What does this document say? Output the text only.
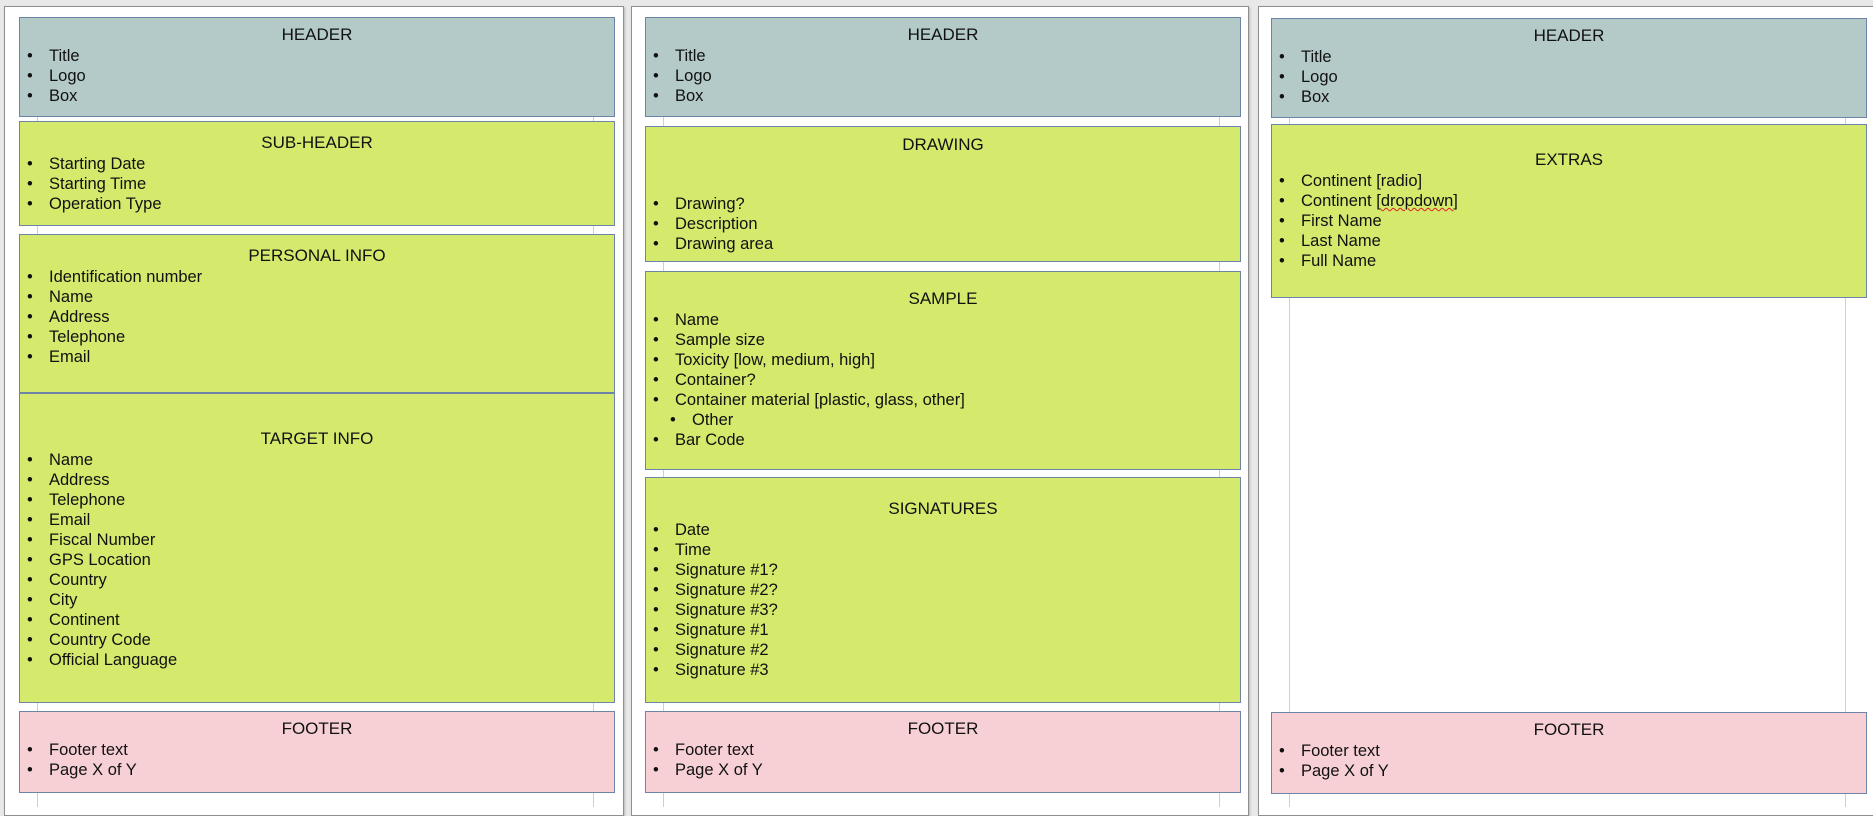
HEADER
• Title
• Logo
• Box
SUB-HEADER
• Starting Date
• Starting Time
• Operation Type
PERSONAL INFO
• Identification number
• Name
• Address
• Telephone
• Email
TARGET INFO
• Name
• Address
• Telephone
• Email
• Fiscal Number
• GPS Location
• Country
• City
• Continent
• Country Code
• Official Language
FOOTER
• Footer text
• Page X of Y
HEADER
• Title
• Logo
• Box
DRAWING
• Drawing?
• Description
• Drawing area
SAMPLE
• Name
• Sample size
• Toxicity [low, medium, high]
• Container?
• Container material [plastic, glass, other]
• Other
• Bar Code
SIGNATURES
• Date
• Time
• Signature #1?
• Signature #2?
• Signature #3?
• Signature #1
• Signature #2
• Signature #3
FOOTER
• Footer text
• Page X of Y
HEADER
• Title
• Logo
• Box
EXTRAS
• Continent [radio]
• Continent [dropdown]
• First Name
• Last Name
• Full Name
FOOTER
• Footer text
• Page X of Y
